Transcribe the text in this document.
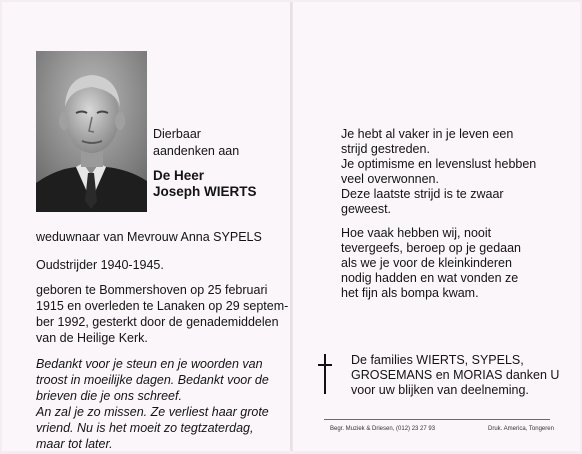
Dierbaar
aandenken aan
De Heer
Joseph WIERTS
weduwnaar van Mevrouw Anna SYPELS
Oudstrijder 1940-1945.
geboren te Bommershoven op 25 februari
1915 en overleden te Lanaken op 29 septem-
ber 1992, gesterkt door de genademiddelen
van de Heilige Kerk.
Bedankt voor je steun en je woorden van
troost in moeilijke dagen. Bedankt voor de
brieven die je ons schreef.
An zal je zo missen. Ze verliest haar grote
vriend. Nu is het moeit zo tegtzaterdag,
maar tot later.
Je hebt al vaker in je leven een
strijd gestreden.
Je optimisme en levenslust hebben
veel overwonnen.
Deze laatste strijd is te zwaar
geweest.
Hoe vaak hebben wij, nooit
tevergeefs, beroep op je gedaan
als we je voor de kleinkinderen
nodig hadden en wat vonden ze
het fijn als bompa kwam.
De families WIERTS, SYPELS,
GROSEMANS en MORIAS danken U
voor uw blijken van deelneming.
Begr. Muziek & Driesen, (012) 23 27 93	Druk. America, Tongeren
